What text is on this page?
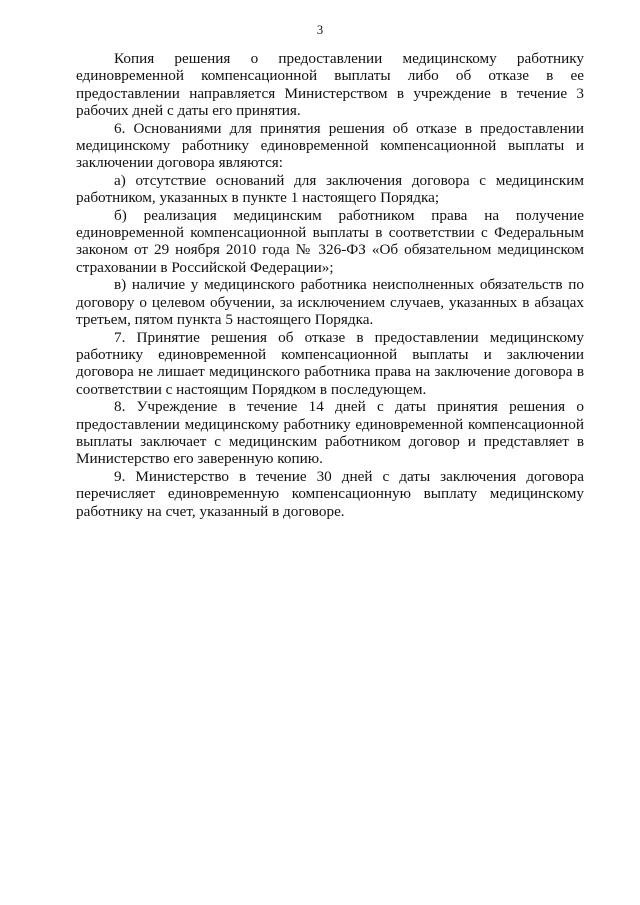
3

Копия решения о предоставлении медицинскому работнику единовременной компенсационной выплаты либо об отказе в ее предоставлении направляется Министерством в учреждение в течение 3 рабочих дней с даты его принятия.

6. Основаниями для принятия решения об отказе в предоставлении медицинскому работнику единовременной компенсационной выплаты и заключении договора являются:

а) отсутствие оснований для заключения договора с медицинским работником, указанных в пункте 1 настоящего Порядка;

б) реализация медицинским работником права на получение единовременной компенсационной выплаты в соответствии с Федеральным законом от 29 ноября 2010 года № 326-ФЗ «Об обязательном медицинском страховании в Российской Федерации»;

в) наличие у медицинского работника неисполненных обязательств по договору о целевом обучении, за исключением случаев, указанных в абзацах третьем, пятом пункта 5 настоящего Порядка.

7. Принятие решения об отказе в предоставлении медицинскому работнику единовременной компенсационной выплаты и заключении договора не лишает медицинского работника права на заключение договора в соответствии с настоящим Порядком в последующем.

8. Учреждение в течение 14 дней с даты принятия решения о предоставлении медицинскому работнику единовременной компенсационной выплаты заключает с медицинским работником договор и представляет в Министерство его заверенную копию.

9. Министерство в течение 30 дней с даты заключения договора перечисляет единовременную компенсационную выплату медицинскому работнику на счет, указанный в договоре.
